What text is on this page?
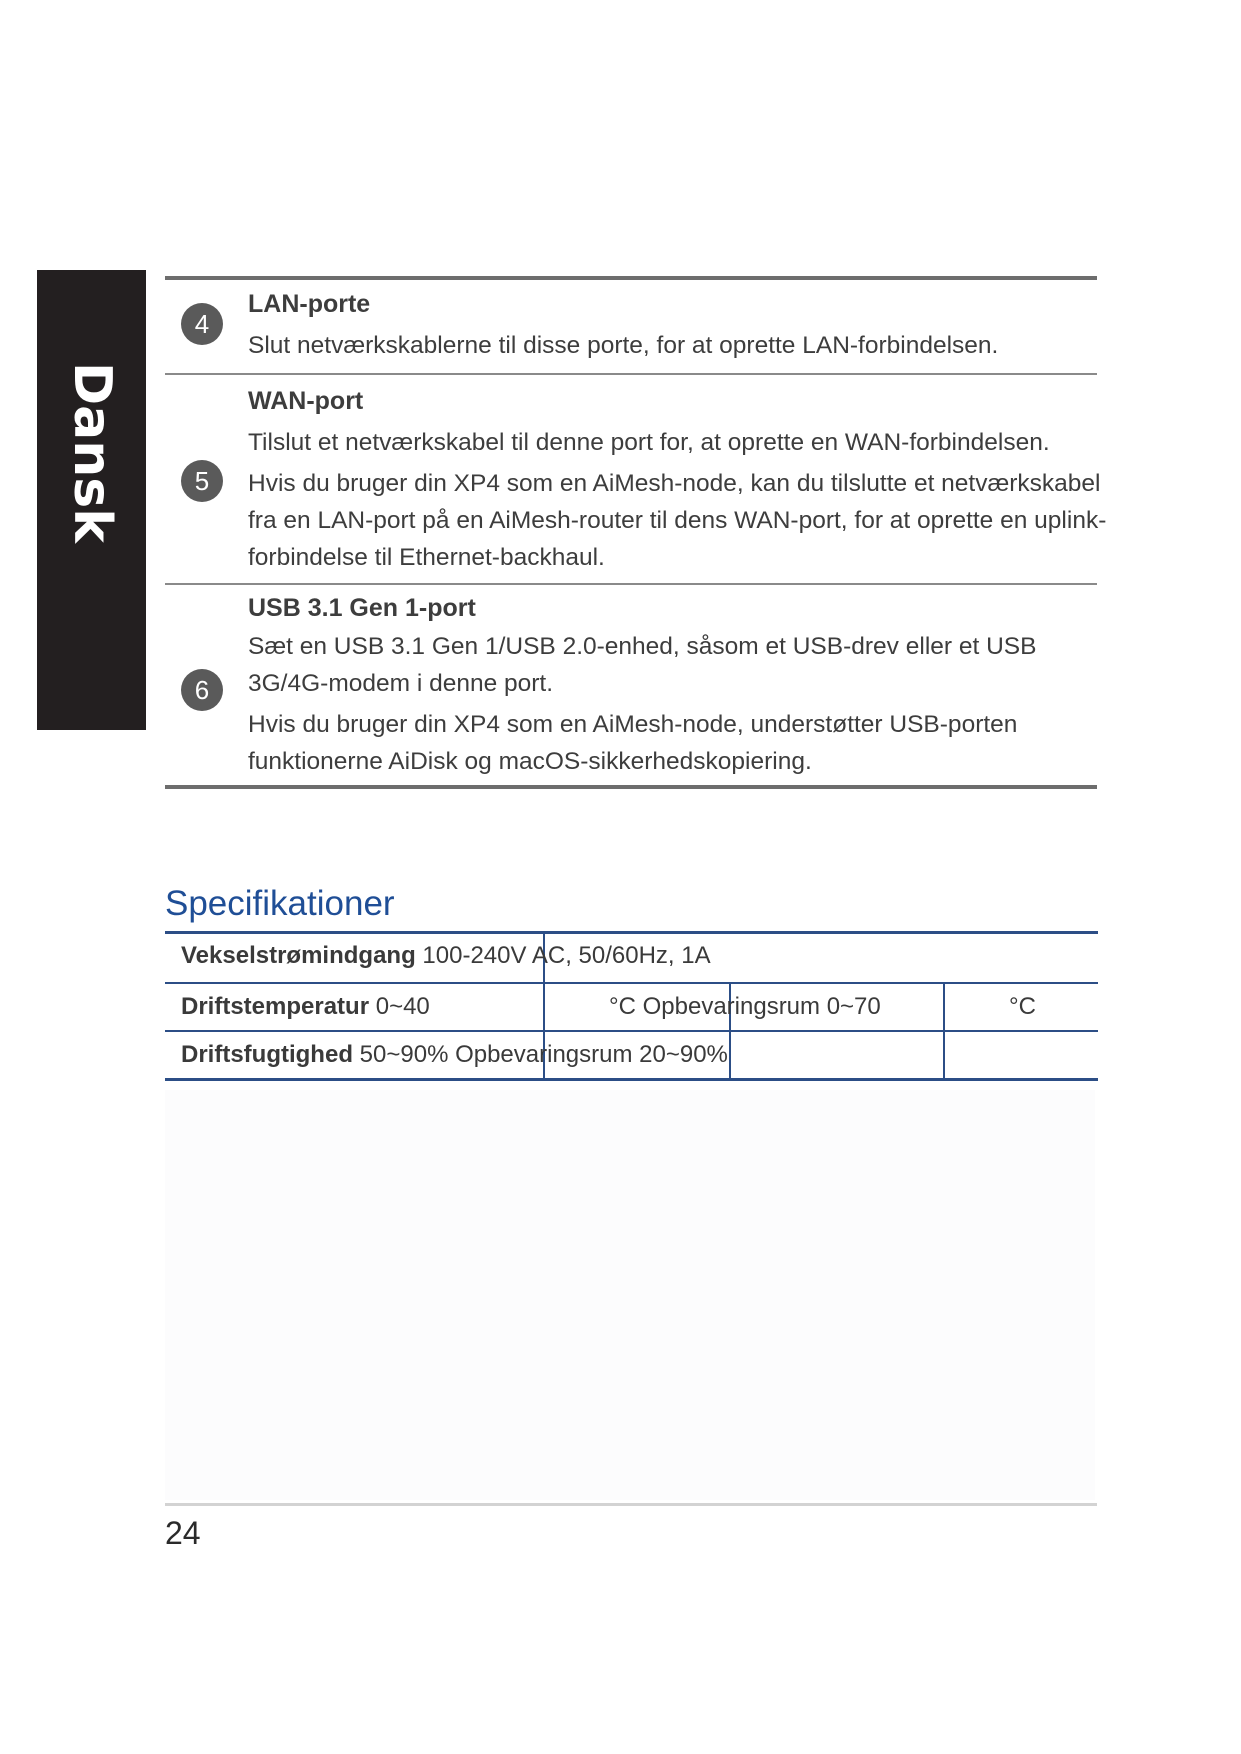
Dansk
4
LAN-porte
Slut netværkskablerne til disse porte, for at oprette LAN-forbindelsen.
5
WAN-port
Tilslut et netværkskabel til denne port for, at oprette en WAN-forbindelsen.
Hvis du bruger din XP4 som en AiMesh-node, kan du tilslutte et netværkskabel
fra en LAN-port på en AiMesh-router til dens WAN-port, for at oprette en uplink-
forbindelse til Ethernet-backhaul.
6
USB 3.1 Gen 1-port
Sæt en USB 3.1 Gen 1/USB 2.0-enhed, såsom et USB-drev eller et USB
3G/4G-modem i denne port.
Hvis du bruger din XP4 som en AiMesh-node, understøtter USB-porten
funktionerne AiDisk og macOS-sikkerhedskopiering.
Specifikationer
Vekselstrømindgang 100-240V AC, 50/60Hz, 1A
Driftstemperatur 0~40	°C Opbevaringsrum 0~70	°C
Driftsfugtighed 50~90% Opbevaringsrum 20~90%
24
